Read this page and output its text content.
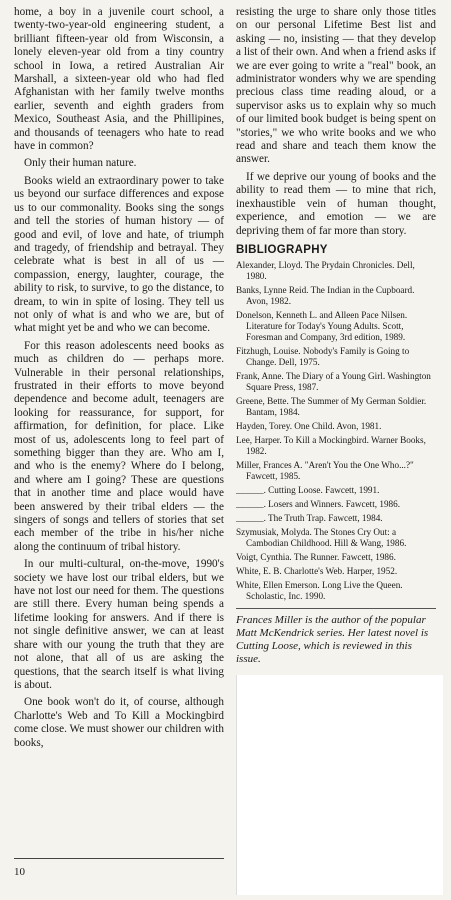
home, a boy in a juvenile court school, a twenty-two-year-old engineering student, a brilliant fifteen-year old from Wisconsin, a lonely eleven-year old from a tiny country school in Iowa, a retired Australian Air Marshall, a sixteen-year old who had fled Afghanistan with her family twelve months earlier, seventh and eighth graders from Mexico, Southeast Asia, and the Phillipines, and thousands of teenagers who hate to read have in common?

Only their human nature.

Books wield an extraordinary power to take us beyond our surface differences and expose us to our commonality. Books sing the songs and tell the stories of human history — of good and evil, of love and hate, of triumph and tragedy, of friendship and betrayal. They celebrate what is best in all of us — compassion, energy, laughter, courage, the ability to risk, to survive, to go the distance, to dream, to win in spite of losing. They tell us not only of what is and who we are, but of what might yet be and who we can become.

For this reason adolescents need books as much as children do — perhaps more. Vulnerable in their personal relationships, frustrated in their efforts to move beyond dependence and become adult, teenagers are looking for reassurance, for support, for affirmation, for definition, for place. Like most of us, adolescents long to feel part of something bigger than they are. Who am I, and who is the enemy? Where do I belong, and where am I going? These are questions that in another time and place would have been answered by their tribal elders — the singers of songs and tellers of stories that set each member of the tribe in his/her niche along the continuum of tribal history.

In our multi-cultural, on-the-move, 1990's society we have lost our tribal elders, but we have not lost our need for them. The questions are still there. Every human being spends a lifetime looking for answers. And if there is not single definitive answer, we can at least share with our young the truth that they are not alone, that all of us are asking the questions, that the search itself is what living is about.

One book won't do it, of course, although Charlotte's Web and To Kill a Mockingbird come close. We must shower our children with books,

resisting the urge to share only those titles on our personal Lifetime Best list and asking — no, insisting — that they develop a list of their own. And when a friend asks if we are ever going to write a "real" book, an administrator wonders why we are spending precious class time reading aloud, or a supervisor asks us to explain why so much of our limited book budget is being spent on "stories," we who write books and we who read and share and teach them know the answer.

If we deprive our young of books and the ability to read them — to mine that rich, inexhaustible vein of human thought, experience, and emotion — we are depriving them of far more than story.

BIBLIOGRAPHY
Alexander, Lloyd. The Prydain Chronicles. Dell, 1980.
Banks, Lynne Reid. The Indian in the Cupboard. Avon, 1982.
Donelson, Kenneth L. and Alleen Pace Nilsen. Literature for Today's Young Adults. Scott, Foresman and Company, 3rd edition, 1989.
Fitzhugh, Louise. Nobody's Family is Going to Change. Dell, 1975.
Frank, Anne. The Diary of a Young Girl. Washington Square Press, 1987.
Greene, Bette. The Summer of My German Soldier. Bantam, 1984.
Hayden, Torey. One Child. Avon, 1981.
Lee, Harper. To Kill a Mockingbird. Warner Books, 1982.
Miller, Frances A. "Aren't You the One Who...?" Fawcett, 1985.
______. Cutting Loose. Fawcett, 1991.
______. Losers and Winners. Fawcett, 1986.
______. The Truth Trap. Fawcett, 1984.
Szymusiak, Molyda. The Stones Cry Out: a Cambodian Childhood. Hill & Wang, 1986.
Voigt, Cynthia. The Runner. Fawcett, 1986.
White, E. B. Charlotte's Web. Harper, 1952.
White, Ellen Emerson. Long Live the Queen. Scholastic, Inc. 1990.
Frances Miller is the author of the popular Matt McKendrick series. Her latest novel is Cutting Loose, which is reviewed in this issue.
10
